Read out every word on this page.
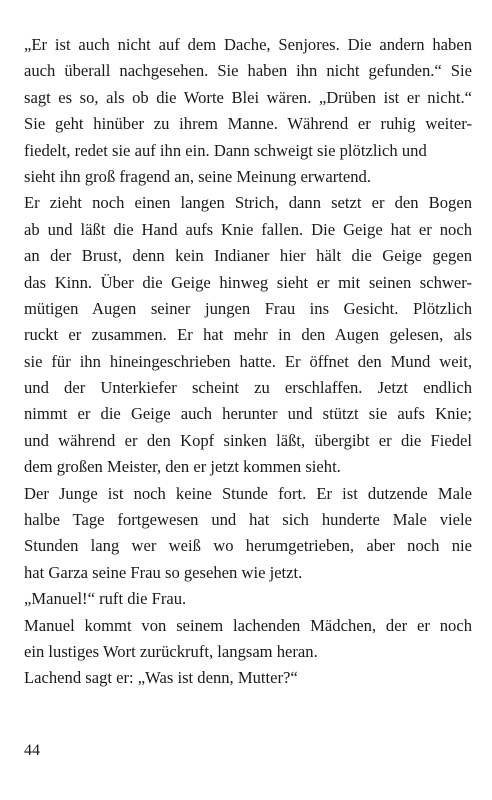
„Er ist auch nicht auf dem Dache, Senjores. Die andern haben
auch überall nachgesehen. Sie haben ihn nicht gefunden.“ Sie
sagt es so, als ob die Worte Blei wären. „Drüben ist er nicht.“
Sie geht hinüber zu ihrem Manne. Während er ruhig weiter-
fiedelt, redet sie auf ihn ein. Dann schweigt sie plötzlich und
sieht ihn groß fragend an, seine Meinung erwartend.
Er zieht noch einen langen Strich, dann setzt er den Bogen
ab und läßt die Hand aufs Knie fallen. Die Geige hat er noch
an der Brust, denn kein Indianer hier hält die Geige gegen
das Kinn. Über die Geige hinweg sieht er mit seinen schwer-
mütigen Augen seiner jungen Frau ins Gesicht. Plötzlich
ruckt er zusammen. Er hat mehr in den Augen gelesen, als
sie für ihn hineingeschrieben hatte. Er öffnet den Mund weit,
und der Unterkiefer scheint zu erschlaffen. Jetzt endlich
nimmt er die Geige auch herunter und stützt sie aufs Knie;
und während er den Kopf sinken läßt, übergibt er die Fiedel
dem großen Meister, den er jetzt kommen sieht.
Der Junge ist noch keine Stunde fort. Er ist dutzende Male
halbe Tage fortgewesen und hat sich hunderte Male viele
Stunden lang wer weiß wo herumgetrieben, aber noch nie
hat Garza seine Frau so gesehen wie jetzt.
„Manuel!“ ruft die Frau.
Manuel kommt von seinem lachenden Mädchen, der er noch
ein lustiges Wort zurückruft, langsam heran.
Lachend sagt er: „Was ist denn, Mutter?“
44
